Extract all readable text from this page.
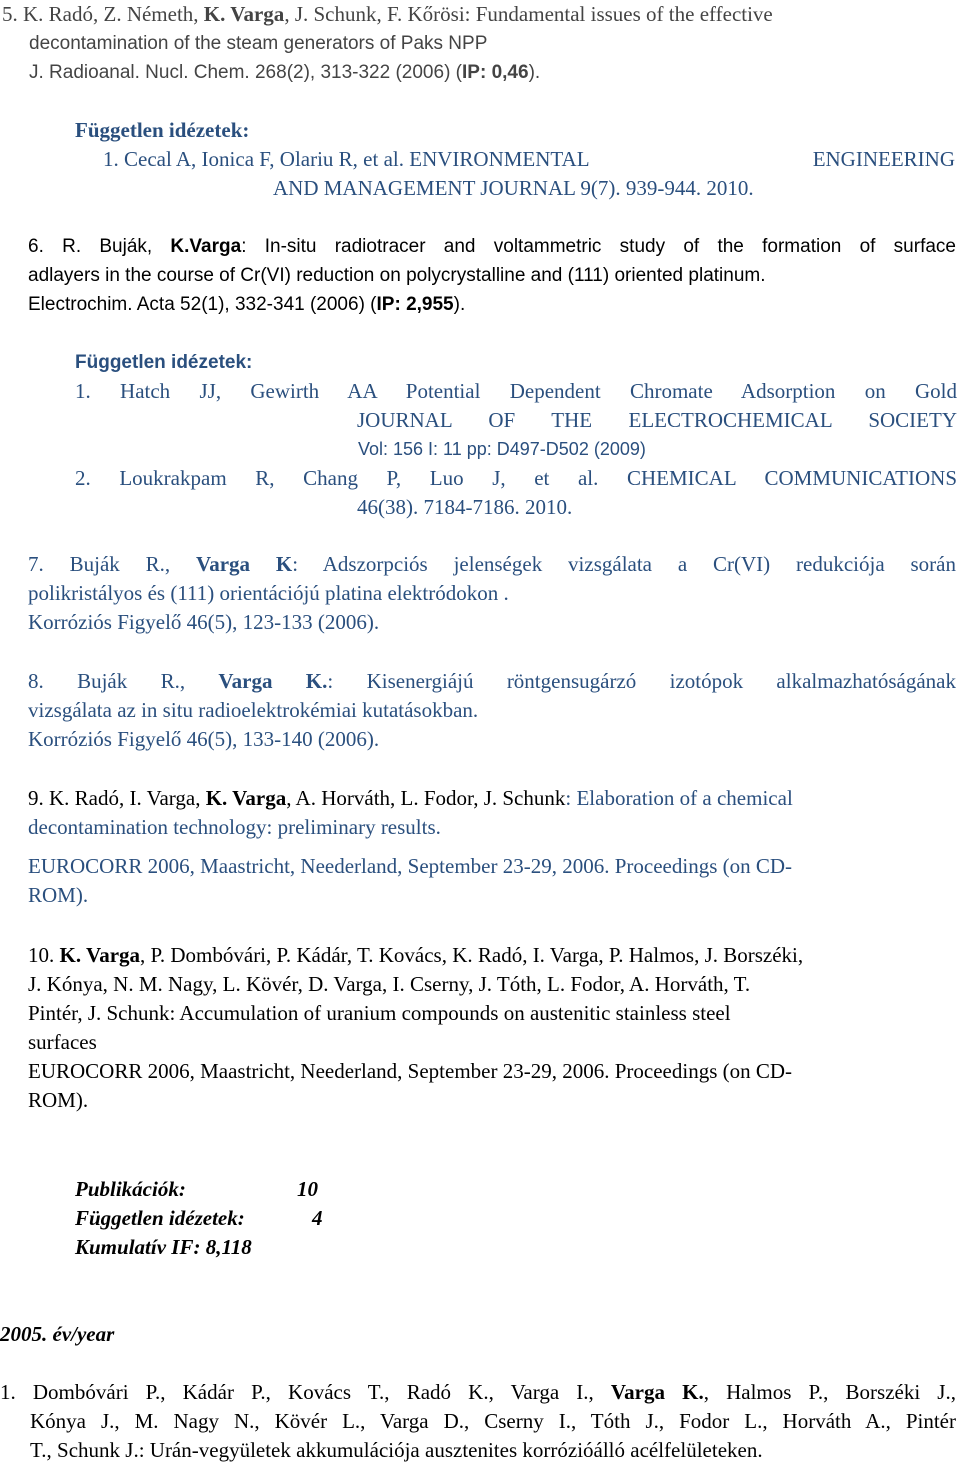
5. K. Radó, Z. Németh, K. Varga, J. Schunk, F. Kőrösi: Fundamental issues of the effective
decontamination of the steam generators of Paks NPP
J. Radioanal. Nucl. Chem. 268(2), 313-322 (2006) (IP: 0,46).
Független idézetek:
1. Cecal A, Ionica F, Olariu R, et al. ENVIRONMENTAL	ENGINEERING
AND MANAGEMENT JOURNAL 9(7). 939-944. 2010.
6. R. Buják, K.Varga: In-situ radiotracer and voltammetric study of the formation of surface
adlayers in the course of Cr(VI) reduction on polycrystalline and (111) oriented platinum.
Electrochim. Acta 52(1), 332-341 (2006) (IP: 2,955).
Független idézetek:
1. Hatch JJ, Gewirth AA Potential Dependent Chromate Adsorption on Gold
JOURNAL OF THE ELECTROCHEMICAL SOCIETY
Vol: 156 I: 11 pp: D497-D502 (2009)
2. Loukrakpam R, Chang P, Luo J, et al. CHEMICAL COMMUNICATIONS
46(38). 7184-7186. 2010.
7. Buják R., Varga K: Adszorpciós jelenségek vizsgálata a Cr(VI) redukciója során
polikristályos és (111) orientációjú platina elektródokon .
Korróziós Figyelő 46(5), 123-133 (2006).
8. Buják R., Varga K.: Kisenergiájú röntgensugárzó izotópok alkalmazhatóságának
vizsgálata az in situ radioelektrokémiai kutatásokban.
Korróziós Figyelő 46(5), 133-140 (2006).
9. K. Radó, I. Varga, K. Varga, A. Horváth, L. Fodor, J. Schunk: Elaboration of a chemical
decontamination technology: preliminary results.
EUROCORR 2006, Maastricht, Neederland, September 23-29, 2006. Proceedings (on CD-
ROM).
10. K. Varga, P. Dombóvári, P. Kádár, T. Kovács, K. Radó, I. Varga, P. Halmos, J. Borszéki,
J. Kónya, N. M. Nagy, L. Kövér, D. Varga, I. Cserny, J. Tóth, L. Fodor, A. Horváth, T.
Pintér, J. Schunk: Accumulation of uranium compounds on austenitic stainless steel
surfaces
EUROCORR 2006, Maastricht, Neederland, September 23-29, 2006. Proceedings (on CD-
ROM).
Publikációk:	10
Független idézetek:	4
Kumulatív IF: 8,118
2005. év/year
1. Dombóvári P., Kádár P., Kovács T., Radó K., Varga I., Varga K., Halmos P., Borszéki J.,
Kónya J., M. Nagy N., Kövér L., Varga D., Cserny I., Tóth J., Fodor L., Horváth A., Pintér
T., Schunk J.: Urán-vegyületek akkumulációja ausztenites korrózióálló acélfelületeken.
